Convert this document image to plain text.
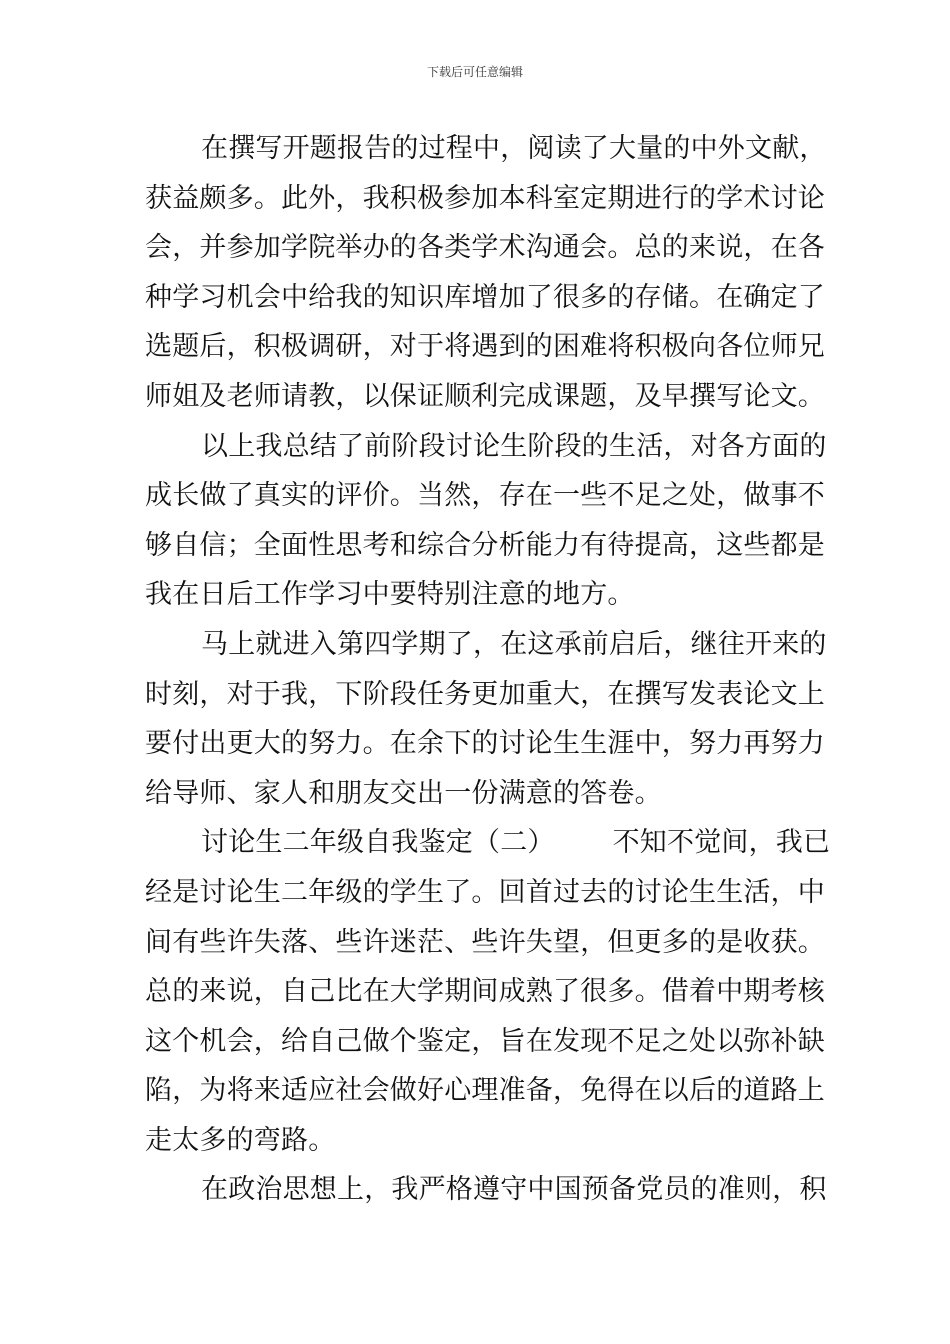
下载后可任意编辑
在撰写开题报告的过程中，阅读了大量的中外文献，
获益颇多。此外，我积极参加本科室定期进行的学术讨论
会，并参加学院举办的各类学术沟通会。总的来说，在各
种学习机会中给我的知识库增加了很多的存储。在确定了
选题后，积极调研，对于将遇到的困难将积极向各位师兄
师姐及老师请教，以保证顺利完成课题，及早撰写论文。
以上我总结了前阶段讨论生阶段的生活，对各方面的
成长做了真实的评价。当然，存在一些不足之处，做事不
够自信；全面性思考和综合分析能力有待提高，这些都是
我在日后工作学习中要特别注意的地方。
马上就进入第四学期了，在这承前启后，继往开来的
时刻，对于我，下阶段任务更加重大，在撰写发表论文上
要付出更大的努力。在余下的讨论生生涯中，努力再努力
给导师、家人和朋友交出一份满意的答卷。
讨论生二年级自我鉴定（二） 不知不觉间，我已
经是讨论生二年级的学生了。回首过去的讨论生生活，中
间有些许失落、些许迷茫、些许失望，但更多的是收获。
总的来说，自己比在大学期间成熟了很多。借着中期考核
这个机会，给自己做个鉴定，旨在发现不足之处以弥补缺
陷，为将来适应社会做好心理准备，免得在以后的道路上
走太多的弯路。
在政治思想上，我严格遵守中国预备党员的准则，积
